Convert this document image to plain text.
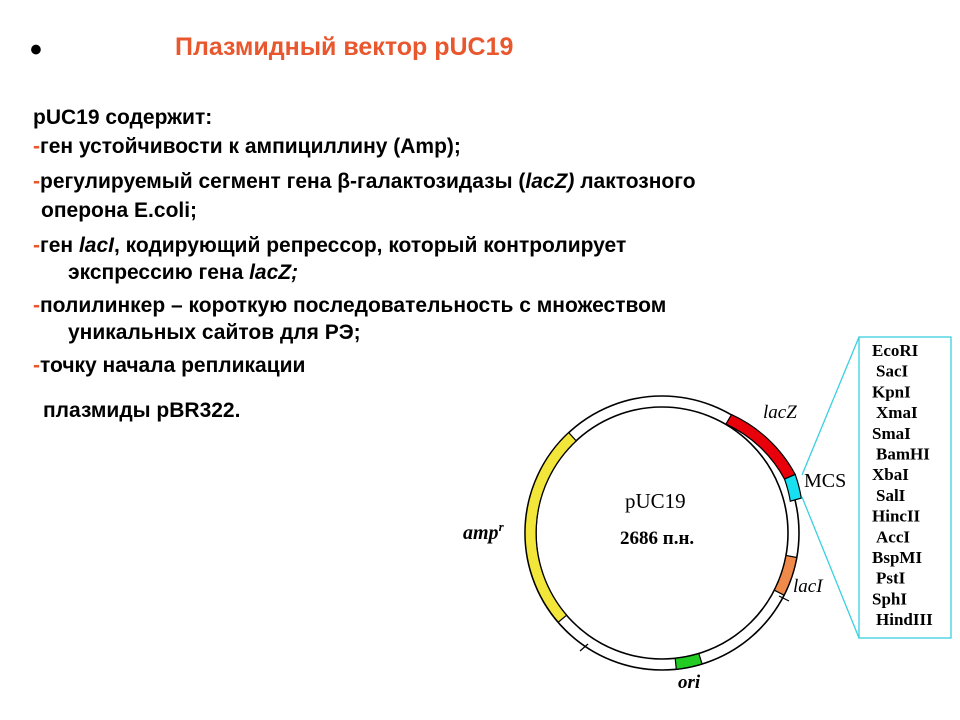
•	Плазмидный вектор pUC19
pUC19 содержит:
-ген устойчивости к ампициллину (Amp);
-регулируемый сегмент гена β-галактозидазы (lacZ) лактозного
оперона E.coli;
-ген lacI, кодирующий репрессор, который контролирует
экспрессию гена lacZ;
-полилинкер – короткую последовательность с множеством
уникальных сайтов для РЭ;
-точку начала репликации
плазмиды pBR322.
pUC19
2686 п.н.
lacZ
MCS
lacI
ori
amp$^r$
EcoRI
SacI
KpnI
XmaI
SmaI
BamHI
XbaI
SalI
HincII
AccI
BspMI
PstI
SphI
HindIII
